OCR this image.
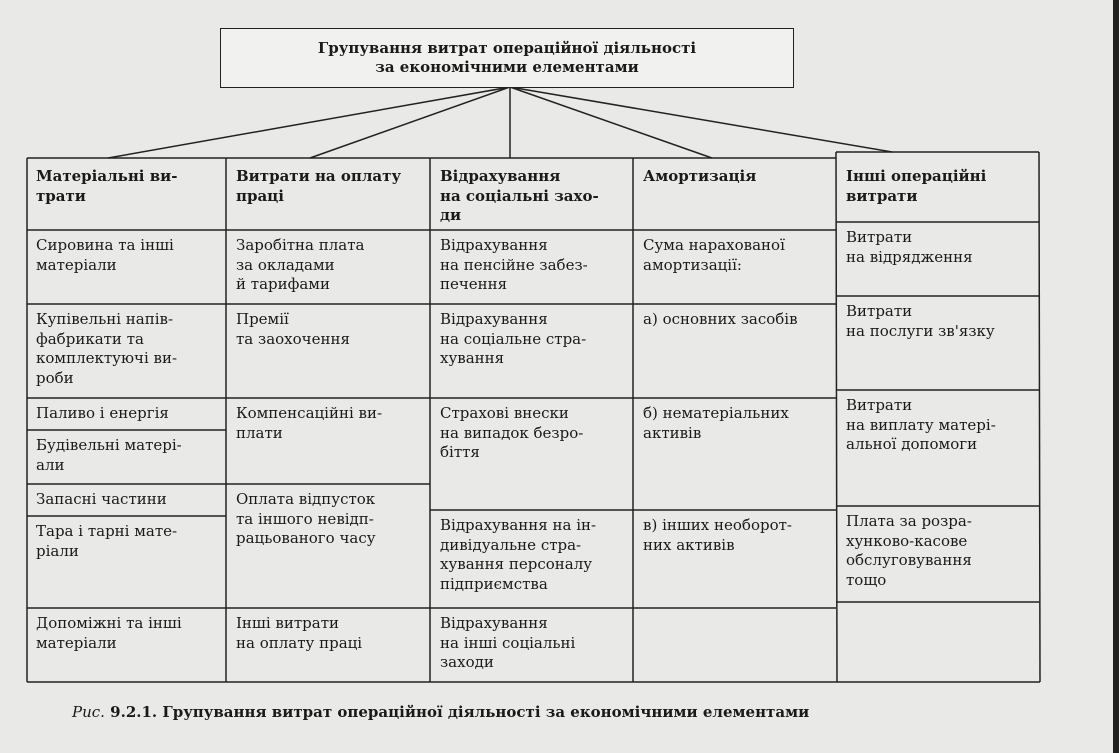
Групування витрат операційної діяльності
за економічними елементами
Матеріальні ви-
трати
Витрати на оплату
праці
Відрахування
на соціальні захо-
ди
Амортизація	Інші операційні
витрати
Сировина та інші
матеріали
Купівельні напів-
фабрикати та
комплектуючі ви-
роби
Паливо і енергія
Будівельні матері-
али
Запасні частини
Тара і тарні мате-
ріали
Допоміжні та інші
матеріали
Заробітна плата
за окладами
й тарифами
Премії
та заохочення
Компенсаційні ви-
плати
Оплата відпусток
та іншого невідп-
рацьованого часу
Інші витрати
на оплату праці
Відрахування
на пенсійне забез-
печення
Відрахування
на соціальне стра-
хування
Страхові внески
на випадок безро-
біття
Відрахування на ін-
дивідуальне стра-
хування персоналу
підприємства
Відрахування
на інші соціальні
заходи
Сума нарахованої
амортизації:
а) основних засобів
б) нематеріальних
активів
в) інших необорот-
них активів
Витрати
на відрядження
Витрати
на послуги зв'язку
Витрати
на виплату матері-
альної допомоги
Плата за розра-
хунково-касове
обслуговування
тощо
Рис. 9.2.1. Групування витрат операційної діяльності за економічними елементами
